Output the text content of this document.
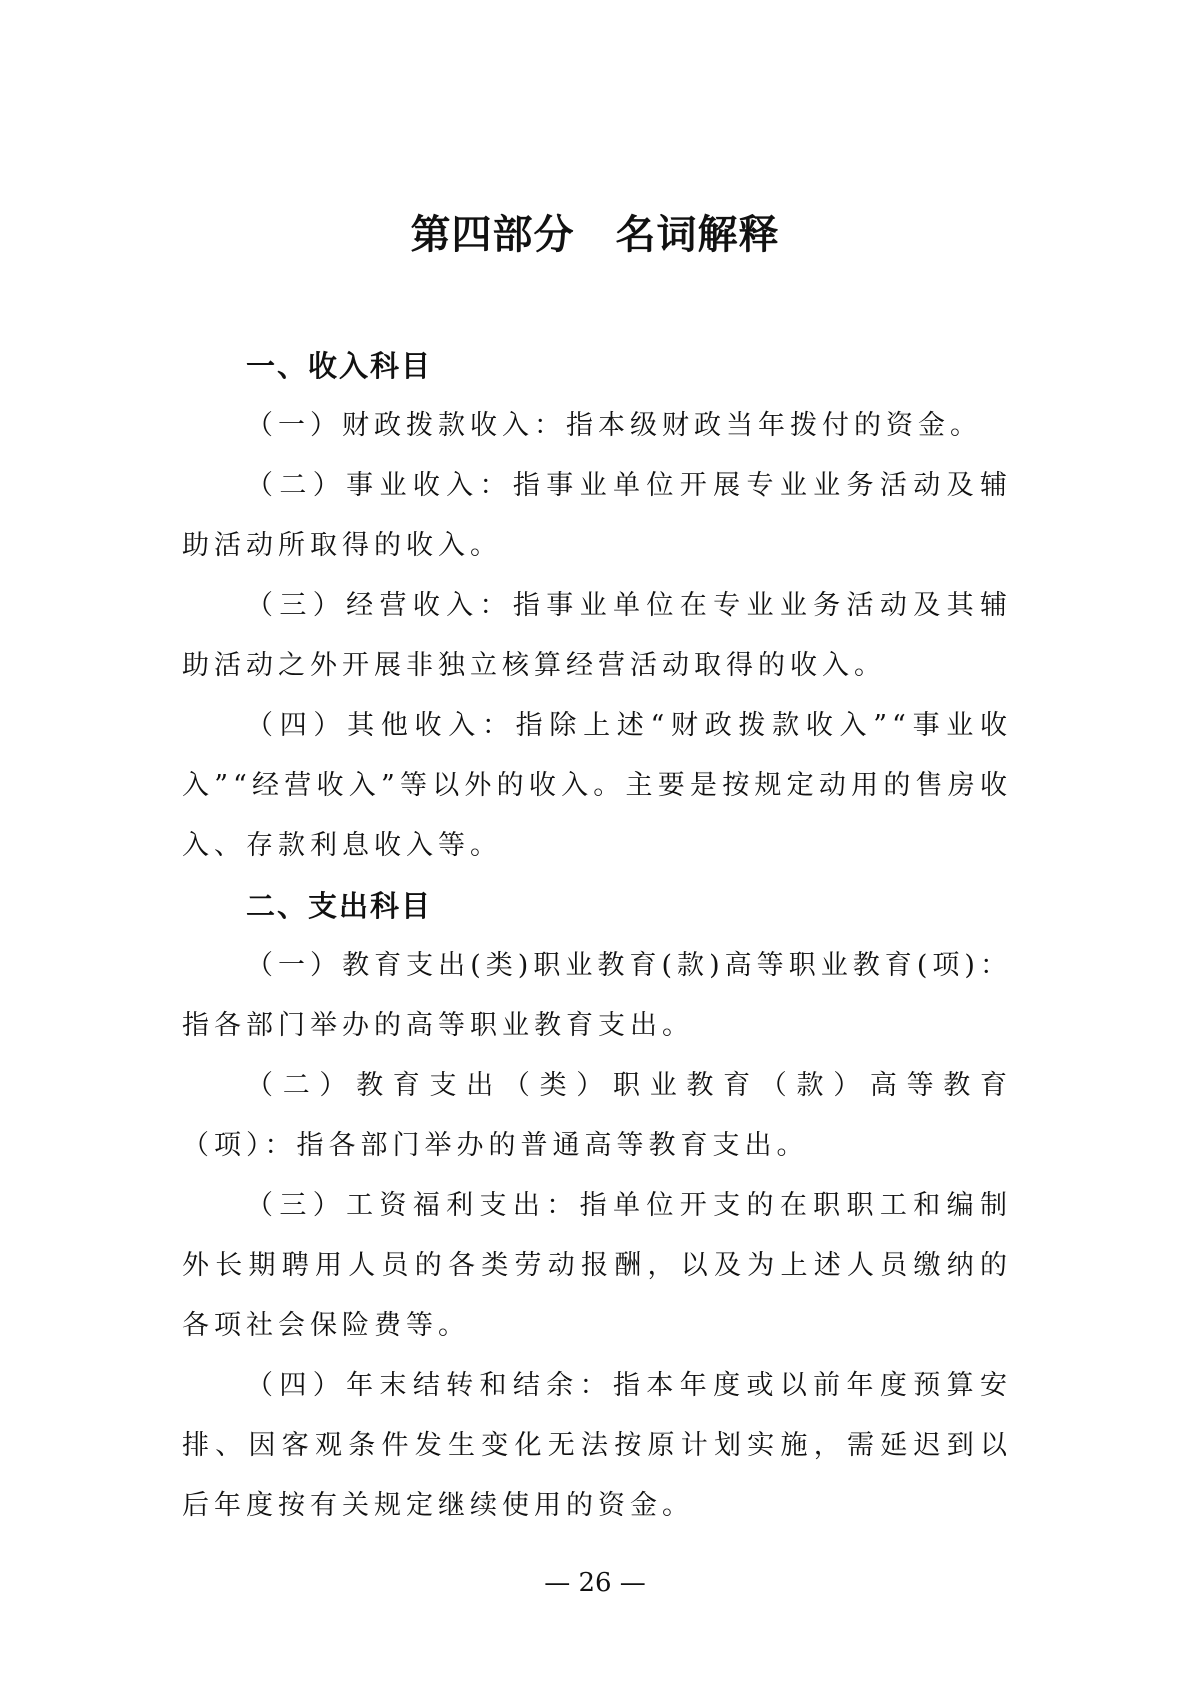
第四部分　名词解释
一、收入科目

（一）财政拨款收入：指本级财政当年拨付的资金。

（二）事业收入：指事业单位开展专业业务活动及辅助活动所取得的收入。

（三）经营收入：指事业单位在专业业务活动及其辅助活动之外开展非独立核算经营活动取得的收入。

（四）其他收入：指除上述“财政拨款收入”“事业收入”“经营收入”等以外的收入。主要是按规定动用的售房收入、存款利息收入等。

二、支出科目

（一）教育支出(类)职业教育(款)高等职业教育(项)：指各部门举办的高等职业教育支出。

（二）教育支出（类）职业教育（款）高等教育（项）：指各部门举办的普通高等教育支出。

（三）工资福利支出：指单位开支的在职职工和编制外长期聘用人员的各类劳动报酬，以及为上述人员缴纳的各项社会保险费等。

（四）年末结转和结余：指本年度或以前年度预算安排、因客观条件发生变化无法按原计划实施，需延迟到以后年度按有关规定继续使用的资金。

— 26 —
